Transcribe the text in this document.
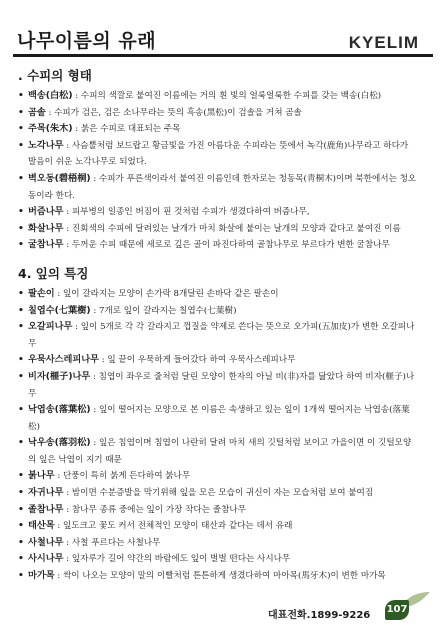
나무이름의 유래	KYELIM
. 수피의 형태
• 백송(白松) : 수피의 색깔로 붙여진 이름에는 거의 흰 빛의 얼룩얼룩한 수피를 갖는 백송(白松)
• 곰솔 : 수피가 검은, 검은 소나무라는 뜻의 흑송(黑松)이 검솔을 거쳐 곰솔
• 주목(朱木) : 붉은 수피로 대표되는 주목
• 노각나무 : 사슴뿔처럼 보드랍고 황금빛을 가진 아름다운 수피라는 뜻에서 녹각(鹿角)나무라고 하다가 발음이 쉬운 노각나무로 되었다.
• 벽오동(碧梧桐) : 수피가 푸른색이라서 붙여진 이름인데 한자로는 청동목(靑桐木)이며 북한에서는 청오동이라 한다.
• 버즘나무 : 피부병의 일종인 버짐이 핀 것처럼 수피가 생겼다하여 버즘나무,
• 화살나무 : 진회색의 수피에 달려있는 날개가 마치 화살에 붙이는 날개의 모양과 같다고 붙여진 이름
• 굴참나무 : 두꺼운 수피 때문에 세로로 깊은 골이 파진다하여 골참나무로 부르다가 변한 굴참나무
4. 잎의 특징
• 팔손이 : 잎이 갈라지는 모양이 손가락 8개달린 손바닥 같은 팔손이
• 칠엽수(七葉樹) : 7개로 잎이 갈라지는 칠엽수(七葉樹)
• 오갈피나무 : 잎이 5개로 각 각 갈라지고 껍질을 약제로 쓴다는 뜻으로 오가피(五加皮)가 변한 오갈피나무
• 우묵사스레피나무 : 잎 끝이 우묵하게 들어갔다 하여 우묵사스레피나무
• 비자(榧子)나무 : 침엽이 좌우로 줄처럼 달린 모양이 한자의 아닐 비(非)자를 닮았다 하여 비자(榧子)나무
• 낙엽송(落葉松) : 잎이 떨어지는 모양으로 본 이름은 속생하고 있는 잎이 1개씩 떨어지는 낙엽송(落葉松)
• 낙우송(落羽松) : 잎은 침엽이며 침엽이 나란히 달려 마치 새의 깃털처럼 보이고 가을이면 이 깃털모양의 잎은 낙엽이 지기 때문
• 붉나무 : 단풍이 특히 붉게 든다하여 붉나무
• 자귀나무 : 밤이면 수분증발을 막기위해 잎을 모은 모습이 귀신이 자는 모습처럼 보여 붙여짐
• 졸참나무 : 참나무 종류 중에는 잎이 가장 작다는 졸참나무
• 태산목 : 잎도크고 꽃도 커서 전체적인 모양이 태산과 같다는 데서 유래
• 사철나무 : 사철 푸르다는 사철나무
• 사시나무 : 잎자루가 길어 약간의 바람에도 잎이 벌벌 떤다는 사시나무
• 마가목 : 싹이 나오는 모양이 말의 이빨처럼 튼튼하게 생겼다하여 마아목(馬牙木)이 변한 마가목
대표전화.1899-9226
107
